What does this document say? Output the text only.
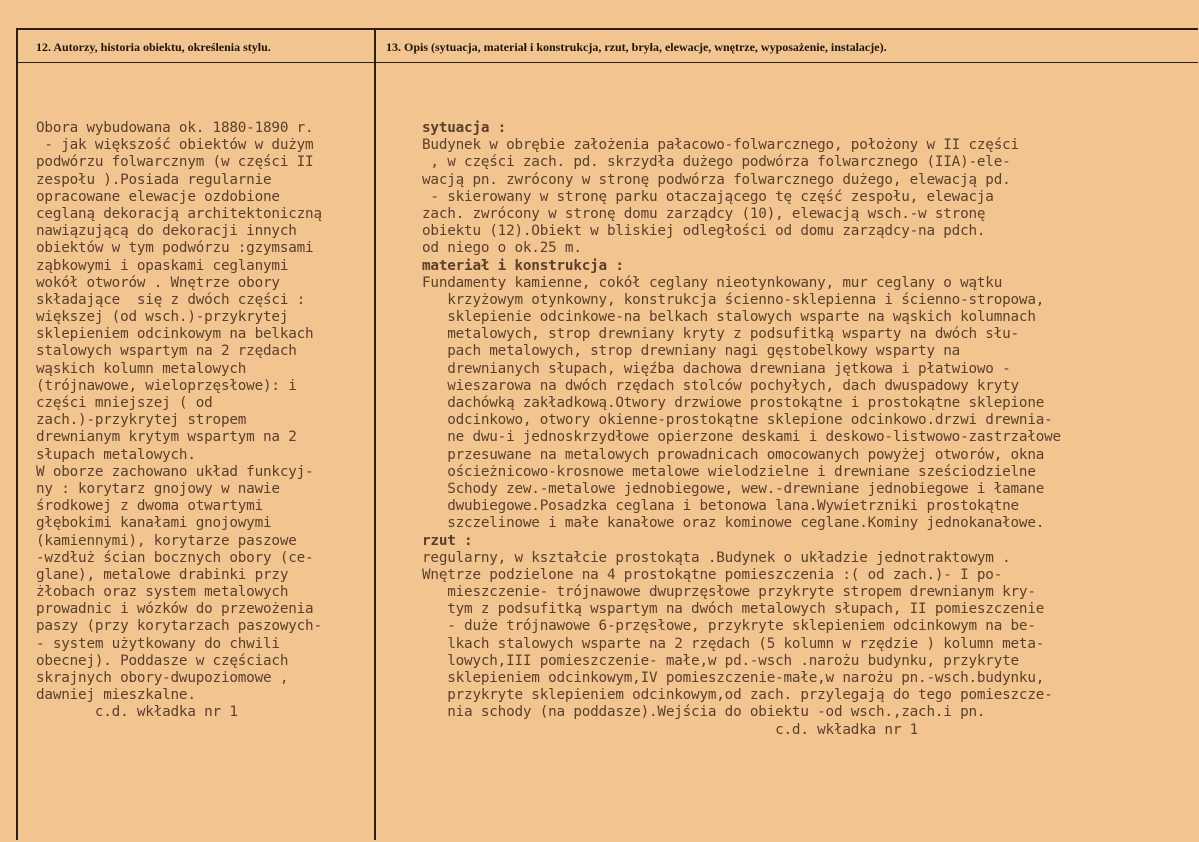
12. Autorzy, historia obiektu, określenia stylu.	13. Opis (sytuacja, materiał i konstrukcja, rzut, bryła, elewacje, wnętrze, wyposażenie, instalacje).
Obora wybudowana ok. 1880-1890 r.
- jak większość obiektów w dużym
podwórzu folwarcznym (w części II
zespołu ).Posiada regularnie
opracowane elewacje ozdobione
ceglaną dekoracją architektoniczną
nawiązującą do dekoracji innych
obiektów w tym podwórzu :gzymsami
ząbkowymi i opaskami ceglanymi
wokół otworów . Wnętrze obory
składające  się z dwóch części :
większej (od wsch.)-przykrytej
sklepieniem odcinkowym na belkach
stalowych wspartym na 2 rzędach
wąskich kolumn metalowych
(trójnawowe, wieloprzęsłowe): i
części mniejszej ( od
zach.)-przykrytej stropem
drewnianym krytym wspartym na 2
słupach metalowych.
W oborze zachowano układ funkcyj-
ny : korytarz gnojowy w nawie
środkowej z dwoma otwartymi
głębokimi kanałami gnojowymi
(kamiennymi), korytarze paszowe
-wzdłuż ścian bocznych obory (ce-
glane), metalowe drabinki przy
żłobach oraz system metalowych
prowadnic i wózków do przewożenia
paszy (przy korytarzach paszowych-
- system użytkowany do chwili
obecnej). Poddasze w częściach
skrajnych obory-dwupoziomowe ,
dawniej mieszkalne.
c.d. wkładka nr 1
sytuacja :
Budynek w obrębie założenia pałacowo-folwarcznego, położony w II części
, w części zach. pd. skrzydła dużego podwórza folwarcznego (IIA)-ele-
wacją pn. zwrócony w stronę podwórza folwarcznego dużego, elewacją pd.
- skierowany w stronę parku otaczającego tę część zespołu, elewacja
zach. zwrócony w stronę domu zarządcy (10), elewacją wsch.-w stronę
obiektu (12).Obiekt w bliskiej odległości od domu zarządcy-na pdch.
od niego o ok.25 m.
materiał i konstrukcja :
Fundamenty kamienne, cokół ceglany nieotynkowany, mur ceglany o wątku
krzyżowym otynkowny, konstrukcja ścienno-sklepienna i ścienno-stropowa,
sklepienie odcinkowe-na belkach stalowych wsparte na wąskich kolumnach
metalowych, strop drewniany kryty z podsufitką wsparty na dwóch słu-
pach metalowych, strop drewniany nagi gęstobelkowy wsparty na
drewnianych słupach, więźba dachowa drewniana jętkowa i płatwiowo -
wieszarowa na dwóch rzędach stolców pochyłych, dach dwuspadowy kryty
dachówką zakładkową.Otwory drzwiowe prostokątne i prostokątne sklepione
odcinkowo, otwory okienne-prostokątne sklepione odcinkowo.drzwi drewnia-
ne dwu-i jednoskrzydłowe opierzone deskami i deskowo-listwowo-zastrzałowe
przesuwane na metalowych prowadnicach omocowanych powyżej otworów, okna
ościeżnicowo-krosnowe metalowe wielodzielne i drewniane sześciodzielne
Schody zew.-metalowe jednobiegowe, wew.-drewniane jednobiegowe i łamane
dwubiegowe.Posadzka ceglana i betonowa lana.Wywietrzniki prostokątne
szczelinowe i małe kanałowe oraz kominowe ceglane.Kominy jednokanałowe.
rzut :
regularny, w kształcie prostokąta .Budynek o układzie jednotraktowym .
Wnętrze podzielone na 4 prostokątne pomieszczenia :( od zach.)- I po-
mieszczenie- trójnawowe dwuprzęsłowe przykryte stropem drewnianym kry-
tym z podsufitką wspartym na dwóch metalowych słupach, II pomieszczenie
- duże trójnawowe 6-przęsłowe, przykryte sklepieniem odcinkowym na be-
lkach stalowych wsparte na 2 rzędach (5 kolumn w rzędzie ) kolumn meta-
lowych,III pomieszczenie- małe,w pd.-wsch .narożu budynku, przykryte
sklepieniem odcinkowym,IV pomieszczenie-małe,w narożu pn.-wsch.budynku,
przykryte sklepieniem odcinkowym,od zach. przylegają do tego pomieszcze-
nia schody (na poddasze).Wejścia do obiektu -od wsch.,zach.i pn.
c.d. wkładka nr 1
